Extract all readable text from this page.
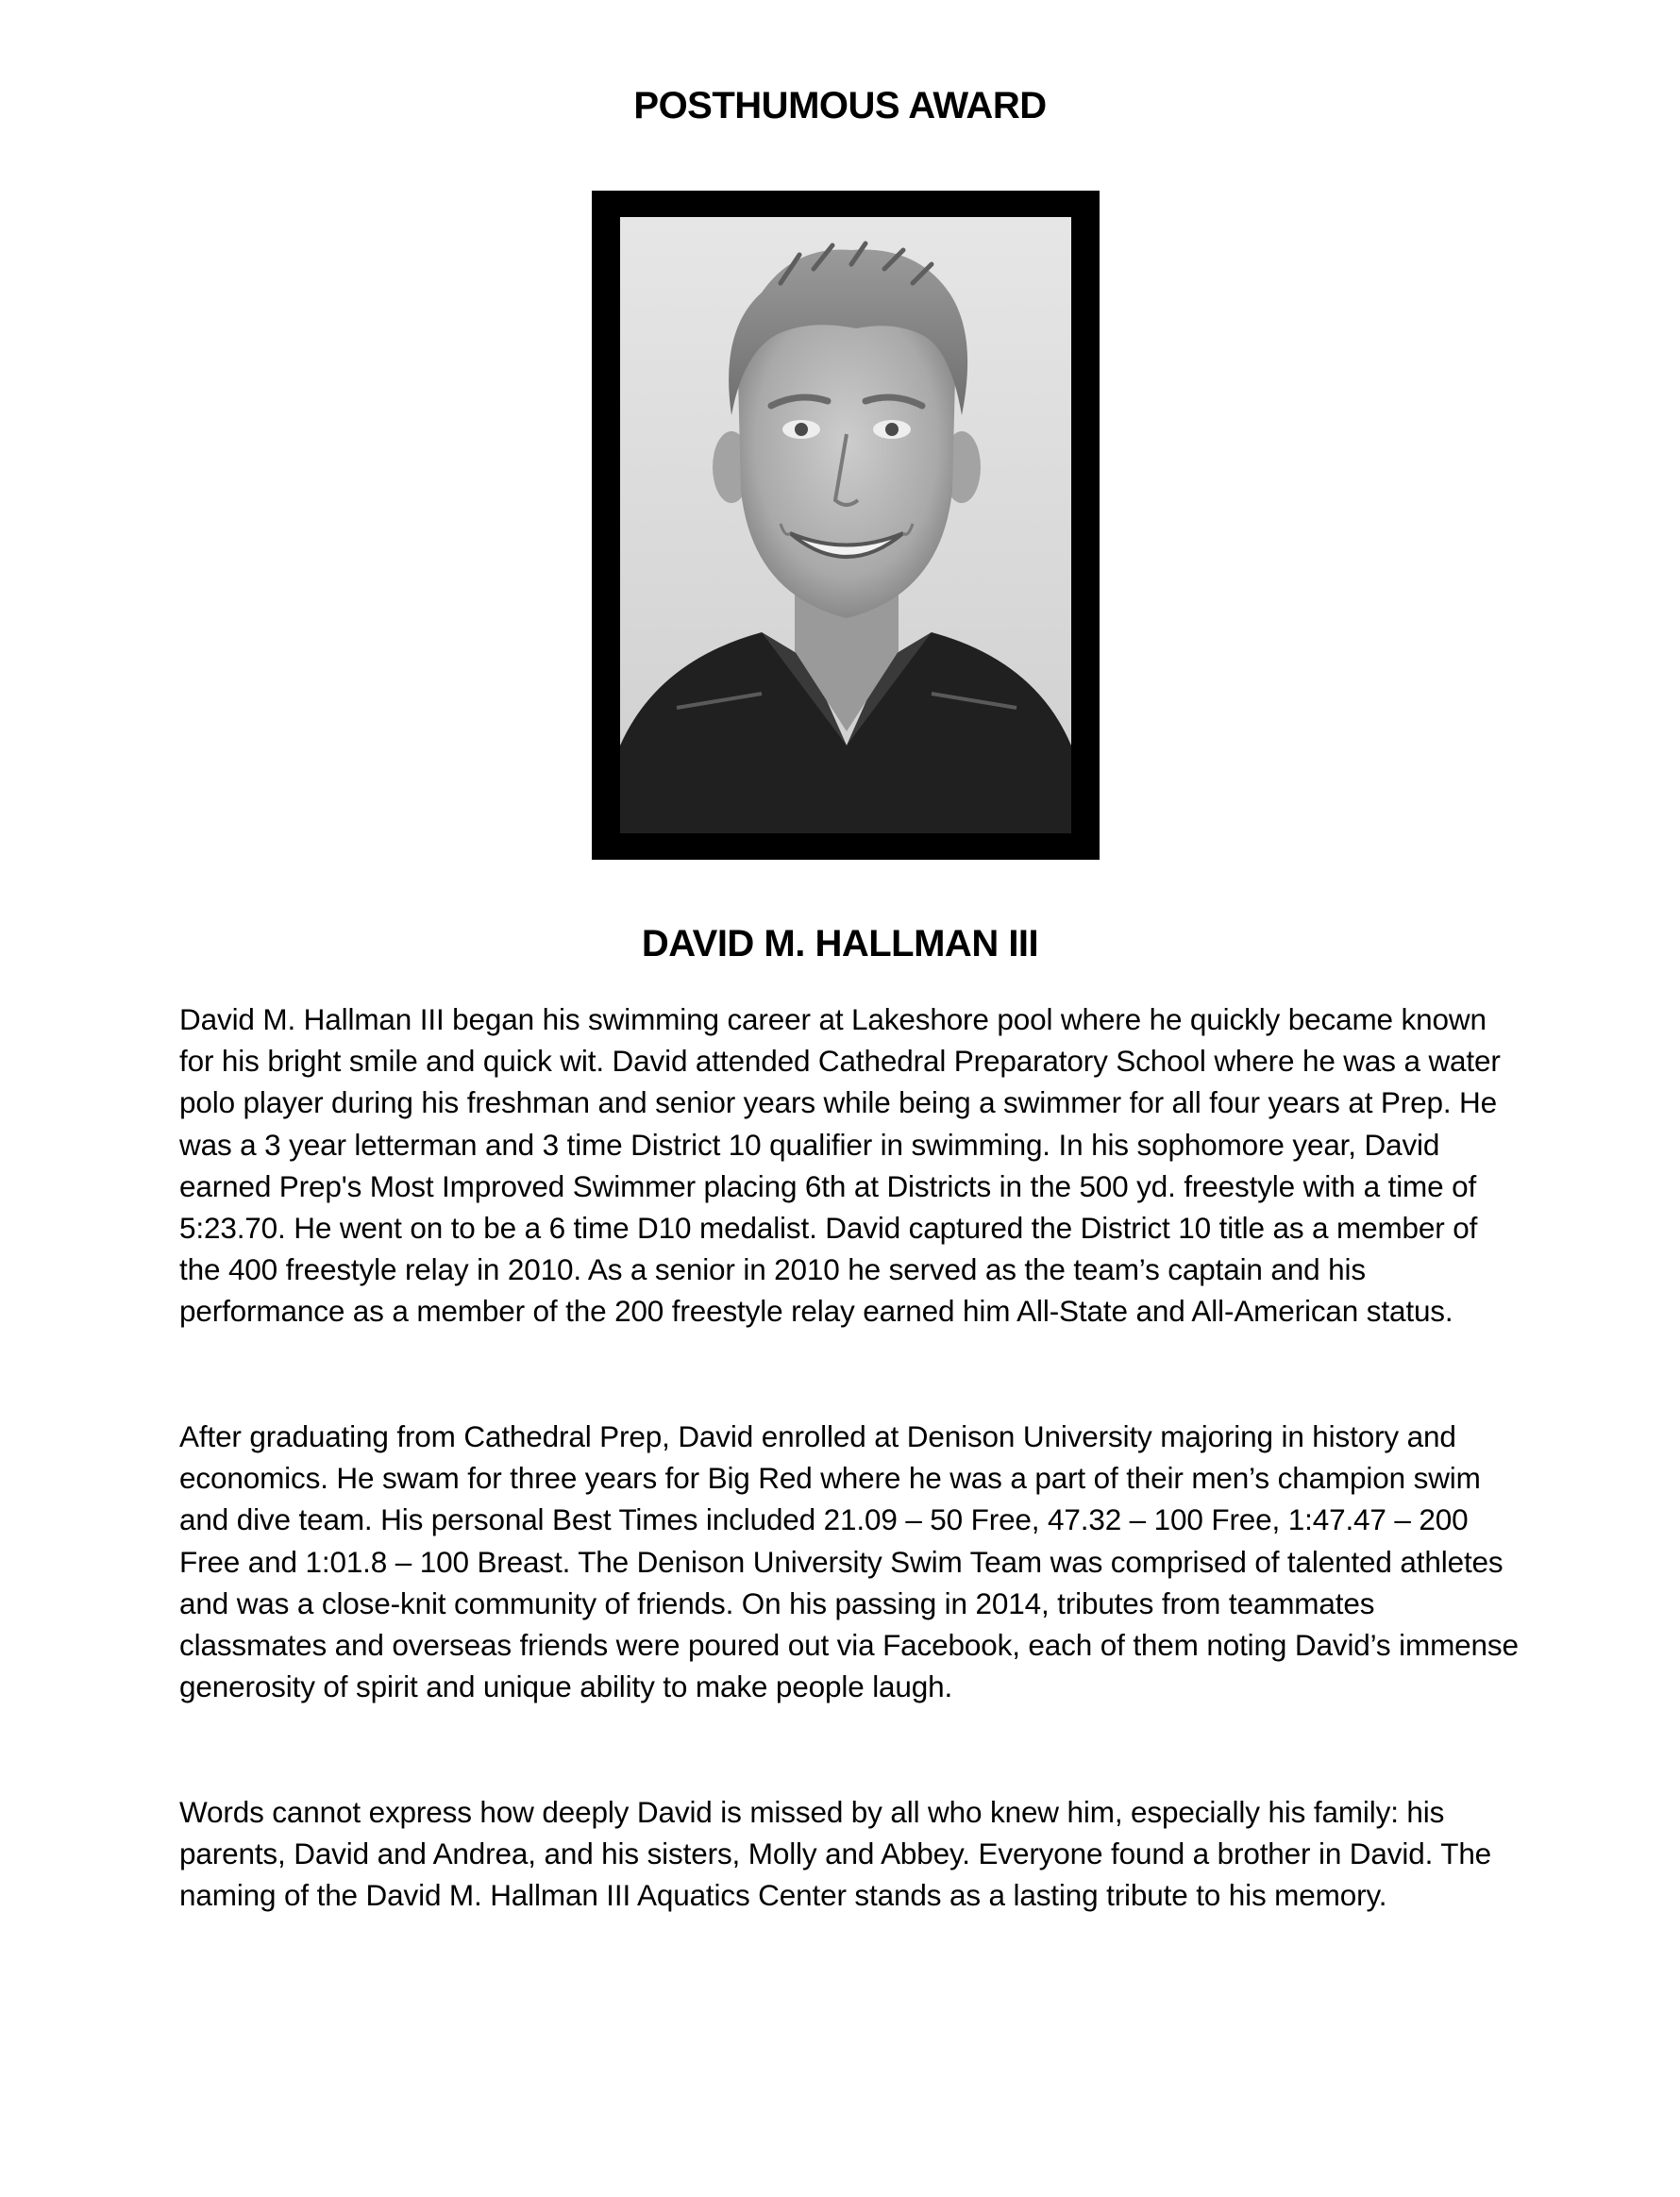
POSTHUMOUS AWARD
DAVID M. HALLMAN III

David M. Hallman III began his swimming career at Lakeshore pool where he quickly became known for his bright smile and quick wit. David attended Cathedral Preparatory School where he was a water polo player during his freshman and senior years while being a swimmer for all four years at Prep. He was a 3 year letterman and 3 time District 10 qualifier in swimming. In his sophomore year, David earned Prep's Most Improved Swimmer placing 6th at Districts in the 500 yd. freestyle with a time of 5:23.70. He went on to be a 6 time D10 medalist. David captured the District 10 title as a member of the 400 freestyle relay in 2010. As a senior in 2010 he served as the team’s captain and his performance as a member of the 200 freestyle relay earned him All-State and All-American status.

After graduating from Cathedral Prep, David enrolled at Denison University majoring in history and economics. He swam for three years for Big Red where he was a part of their men’s champion swim and dive team. His personal Best Times included 21.09 – 50 Free, 47.32 – 100 Free, 1:47.47 – 200 Free and 1:01.8 – 100 Breast. The Denison University Swim Team was comprised of talented athletes and was a close-knit community of friends. On his passing in 2014, tributes from teammates classmates and overseas friends were poured out via Facebook, each of them noting David’s immense generosity of spirit and unique ability to make people laugh.

Words cannot express how deeply David is missed by all who knew him, especially his family: his parents, David and Andrea, and his sisters, Molly and Abbey. Everyone found a brother in David. The naming of the David M. Hallman III Aquatics Center stands as a lasting tribute to his memory.
